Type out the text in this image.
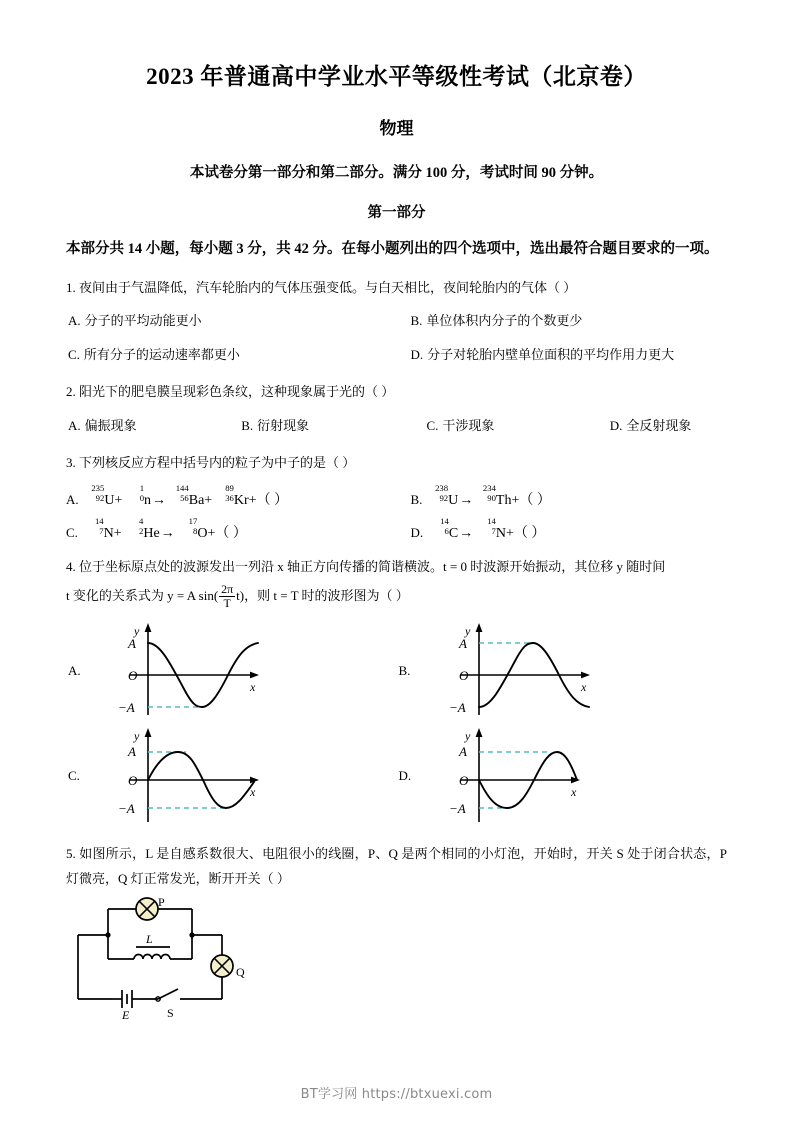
2023 年普通高中学业水平等级性考试（北京卷）
物理

本试卷分第一部分和第二部分。满分 100 分，考试时间 90 分钟。

第一部分

本部分共 14 小题，每小题 3 分，共 42 分。在每小题列出的四个选项中，选出最符合题目要求的一项。

1. 夜间由于气温降低，汽车轮胎内的气体压强变低。与白天相比，夜间轮胎内的气体（ ）

A. 分子的平均动能更小	B. 单位体积内分子的个数更少
C. 所有分子的运动速率都更小	D. 分子对轮胎内壁单位面积的平均作用力更大

2. 阳光下的肥皂膜呈现彩色条纹，这种现象属于光的（ ）

A. 偏振现象	B. 衍射现象	C. 干涉现象	D. 全反射现象

3. 下列核反应方程中括号内的粒子为中子的是（ ）

A.
235
92 U+
1
0 n→
144
56 Ba+
89
36 Kr+（ ）	B.
238
92 U→
234
90 Th+（ ）
C.
14
7 N+
4
2 He→
17
8 O+（ ）	D.
14
6 C→
14
7 N+（ ）

4. 位于坐标原点处的波源发出一列沿 x 轴正方向传播的简谐横波。t = 0 时波源开始振动，其位移 y 随时间

t 变化的关系式为 y = A $\sin( \frac{2\pi}{T} t)$，则 t = T 时的波形图为（ ）

A.
y
A
O
−A
x
B.
y
A
O
−A
x
C.
y
A
O
−A
x
D.
y
A
O
−A
x

5. 如图所示，L 是自感系数很大、电阻很小的线圈，P、Q 是两个相同的小灯泡，开始时，开关 S 处于闭合状态，P 灯微亮，Q 灯正常发光，断开开关（ ）

P
Q
L
E	S
BT学习网 https://btxuexi.com
